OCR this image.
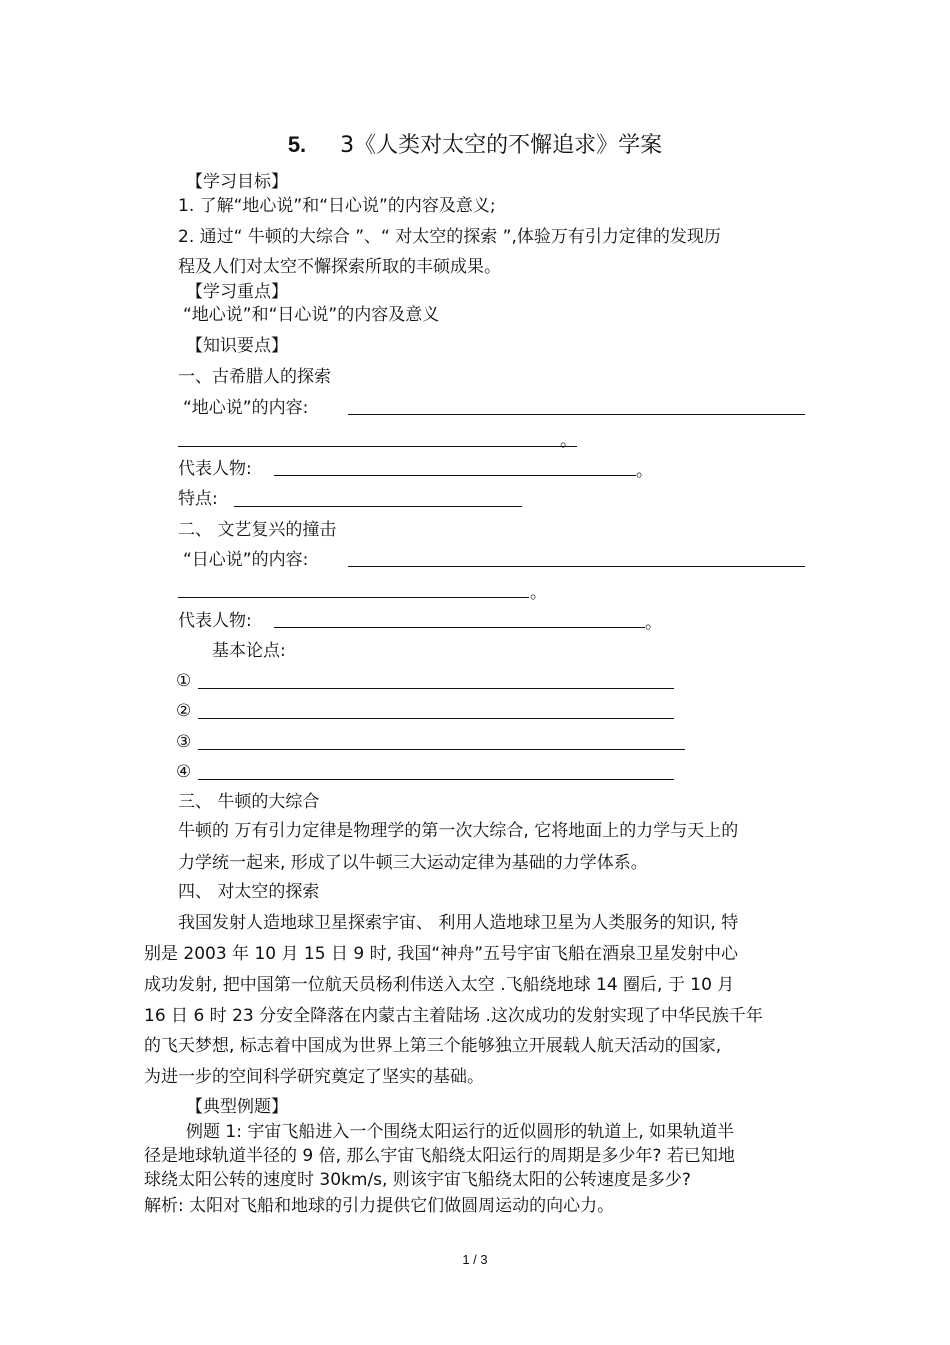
5. 3《人类对太空的不懈追求》学案
【学习目标】
1. 了解“地心说”和“日心说”的内容及意义;
2. 通过“ 牛顿的大综合 ”、“ 对太空的探索 ”,体验万有引力定律的发现历
程及人们对太空不懈探索所取的丰硕成果。
【学习重点】
“地心说”和“日心说”的内容及意义
【知识要点】
一、古希腊人的探索
“地心说”的内容:
。
代表人物:	。
特点:
二、 文艺复兴的撞击
“日心说”的内容:
。
代表人物:	。
基本论点:
①
②
③
④
三、 牛顿的大综合
牛顿的 万有引力定律是物理学的第一次大综合, 它将地面上的力学与天上的
力学统一起来, 形成了以牛顿三大运动定律为基础的力学体系。
四、 对太空的探索
我国发射人造地球卫星探索宇宙、 利用人造地球卫星为人类服务的知识, 特
别是 2003 年 10 月 15 日 9 时, 我国“神舟”五号宇宙飞船在酒泉卫星发射中心
成功发射, 把中国第一位航天员杨利伟送入太空 .飞船绕地球 14 圈后, 于 10 月
16 日 6 时 23 分安全降落在内蒙古主着陆场 .这次成功的发射实现了中华民族千年
的飞天梦想, 标志着中国成为世界上第三个能够独立开展载人航天活动的国家,
为进一步的空间科学研究奠定了坚实的基础。
【典型例题】
例题 1: 宇宙飞船进入一个围绕太阳运行的近似圆形的轨道上, 如果轨道半
径是地球轨道半径的 9 倍, 那么宇宙飞船绕太阳运行的周期是多少年? 若已知地
球绕太阳公转的速度时 30km/s, 则该宇宙飞船绕太阳的公转速度是多少?
解析: 太阳对飞船和地球的引力提供它们做圆周运动的向心力。
1 / 3
